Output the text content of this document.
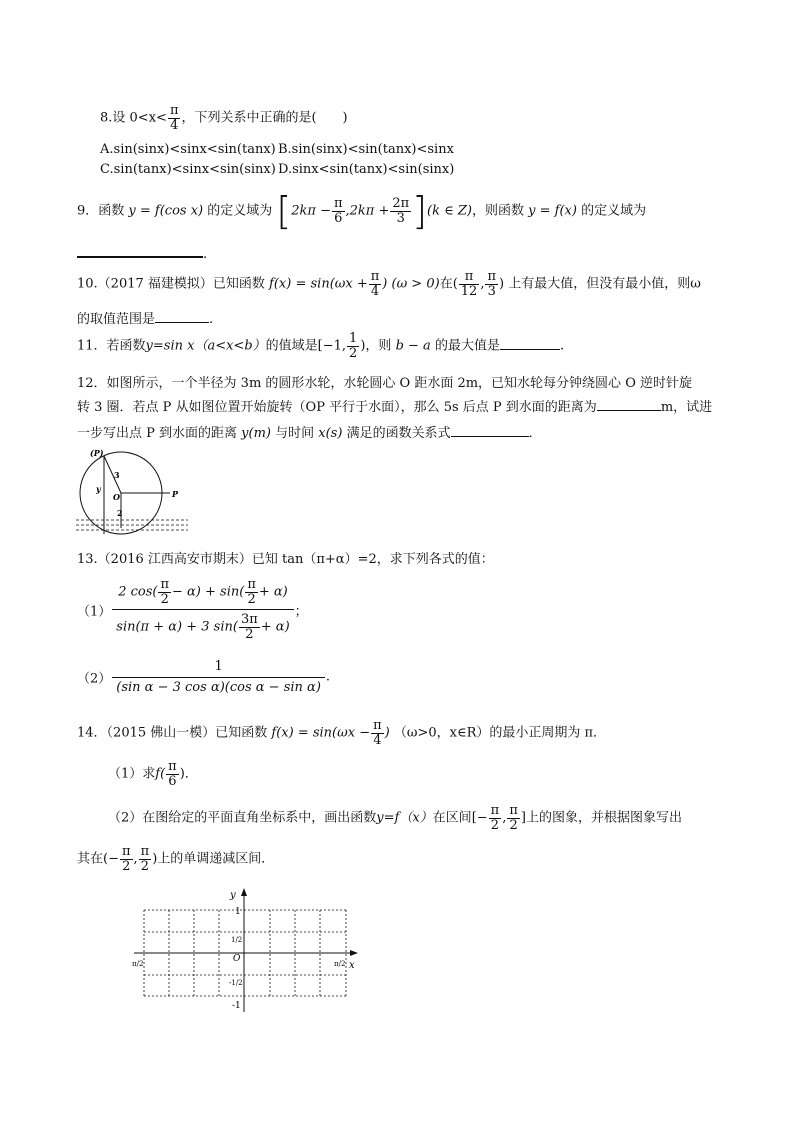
8.设 $0<x< \frac{\pi}{4}$ ，下列关系中正确的是(　　)
A.sin(sinx)<sinx<sin(tanx) B.sin(sinx)<sin(tanx)<sinx
C.sin(tanx)<sinx<sin(sinx) D.sinx<sin(tanx)<sin(sinx)
9．函数 y = f(cos x) 的定义域为 $[2k\pi - \frac{\pi}{6} ,2k\pi + \frac{2\pi}{3} ](k$ ∈ Z)，则函数 y = f(x) 的定义域为
.
10.（2017 福建模拟）已知函数 $f(x) = \sin(\omega x + \frac{\pi}{4}$ ) (ω > 0)在( $\frac{\pi}{12}$ , $\frac{\pi}{3}$ ) 上有最大值，但没有最小值，则ω
的取值范围是	.
11．若函数y=sin x（a<x<b）的值域是[−1, $\frac{1}{2}$ )，则 b − a 的最大值是	.
12．如图所示，一个半径为 3m 的圆形水轮，水轮圆心 O 距水面 2m，已知水轮每分钟绕圆心 O 逆时针旋
转 3 圈．若点 P 从如图位置开始旋转（OP 平行于水面），那么 5s 后点 P 到水面的距离为	m，试进
一步写出点 P 到水面的距离 y(m) 与时间 x(s) 满足的函数关系式	．
(P)
3
y
O	P
2
13.（2016 江西高安市期末）已知 tan（π+α）=2，求下列各式的值：
$(1) \frac{2 \cos( \frac{\pi}{2} - \alpha) + \sin( \frac{\pi}{2} + \alpha)}{\sin(\pi + \alpha) + 3 \sin( \frac{3\pi}{2} + \alpha)}$ ；
$(2) \frac{1}{\text{(sin α − 3 cos α)(cos α − sin α)}}$ .
14．（2015 佛山一模）已知函数 $f(x) = \sin(\omega x - \frac{\pi}{4}$ ) （ω>0，x∈R）的最小正周期为 π．
（1）求$f( \frac{\pi}{6}$ )．
（2）在图给定的平面直角坐标系中，画出函数y=f（x）在区间[− $\frac{\pi}{2}$ , $\frac{\pi}{2}$ ]上的图象，并根据图象写出
其在(− $\frac{\pi}{2}$ , $\frac{\pi}{2}$ )上的单调递减区间．
y
x
1
1/2
O
-1/2
-1
π/2	π/2
